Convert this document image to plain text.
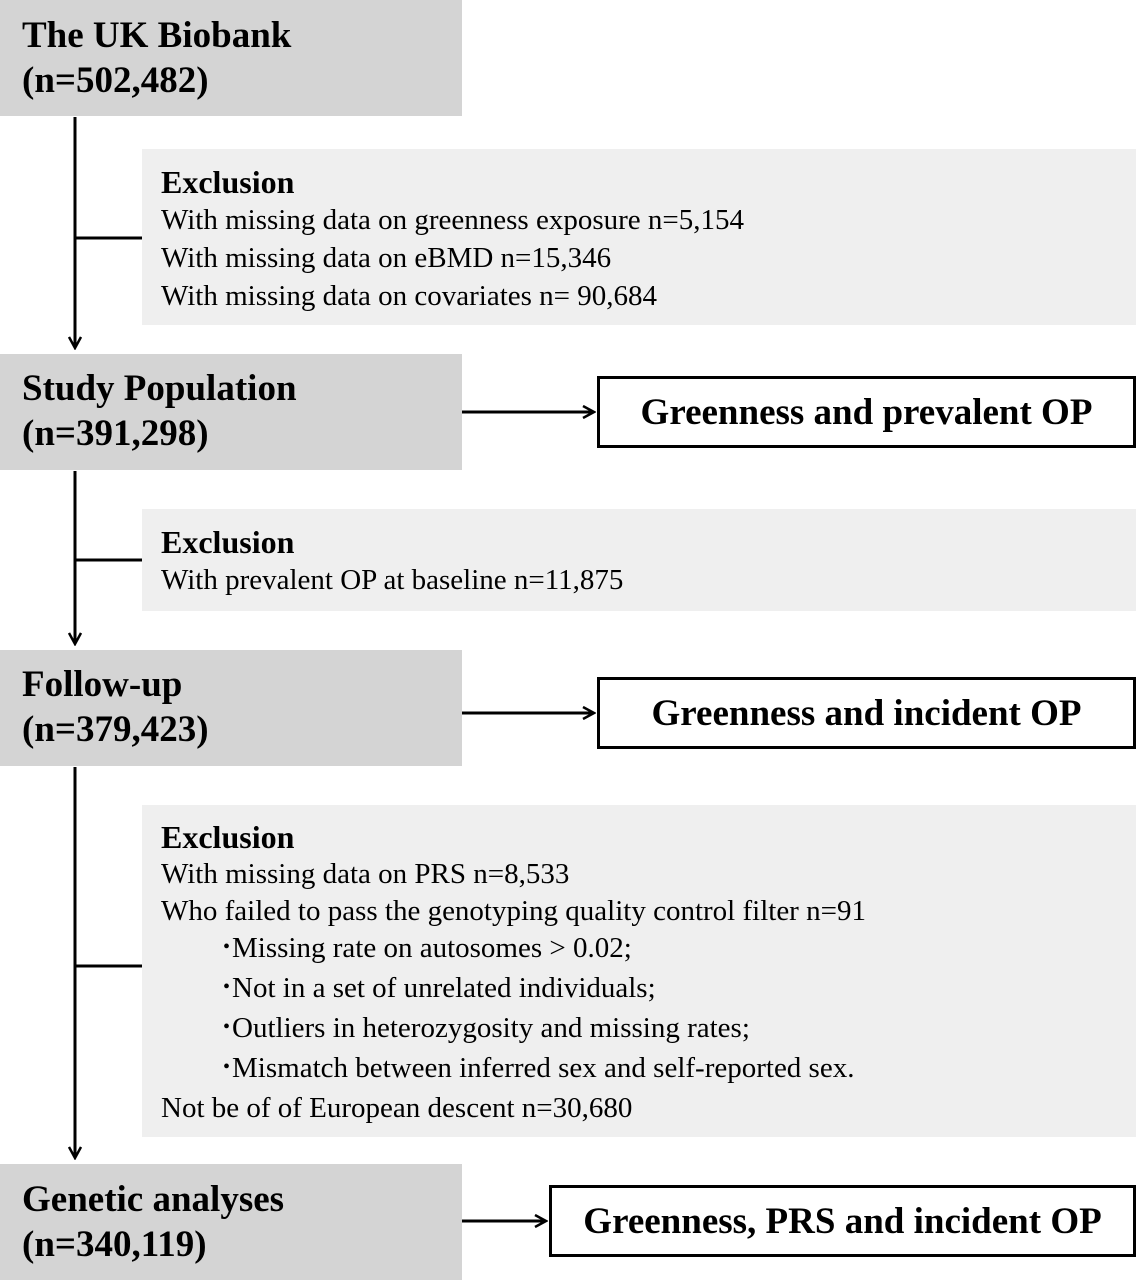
The UK Biobank
(n=502,482)
Study Population
(n=391,298)
Follow-up
(n=379,423)
Genetic analyses
(n=340,119)
Exclusion
With missing data on greenness exposure n=5,154
With missing data on eBMD n=15,346
With missing data on covariates n= 90,684
Exclusion
With prevalent OP at baseline n=11,875
Exclusion
With missing data on PRS n=8,533
Who failed to pass the genotyping quality control filter n=91
•Missing rate on autosomes > 0.02;
•Not in a set of unrelated individuals;
•Outliers in heterozygosity and missing rates;
•Mismatch between inferred sex and self-reported sex.
Not be of of European descent n=30,680
Greenness and prevalent OP
Greenness and incident OP
Greenness, PRS and incident OP
